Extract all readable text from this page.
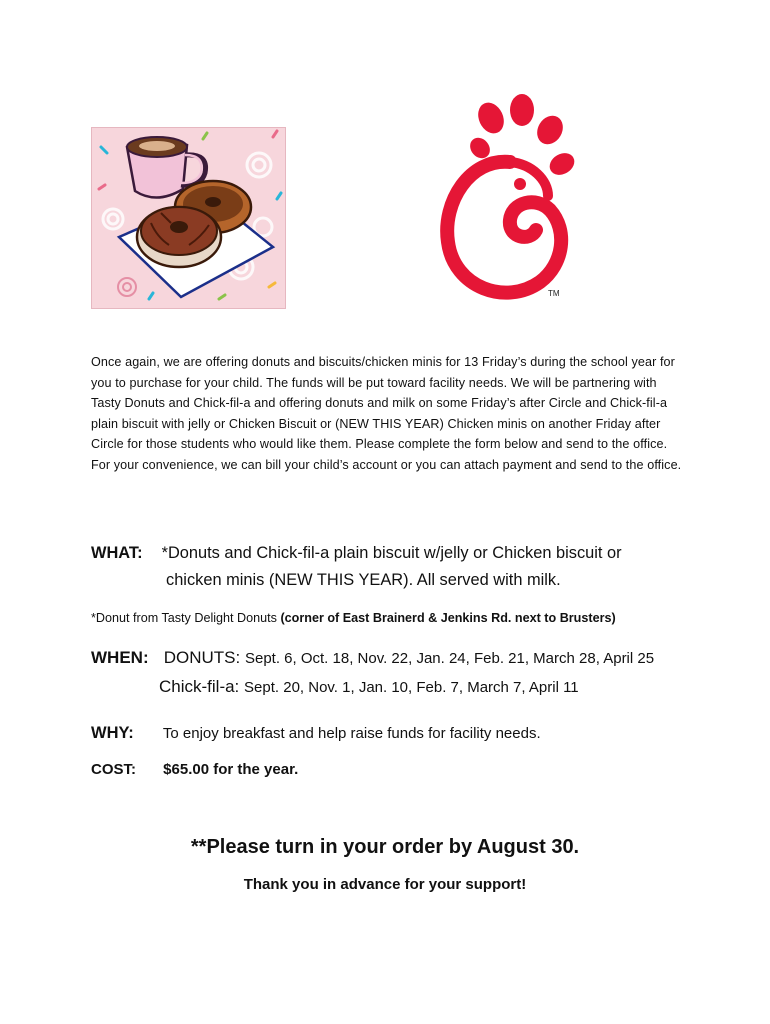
TM
Once again, we are offering donuts and biscuits/chicken minis for 13 Friday’s during the school year for you to purchase for your child. The funds will be put toward facility needs. We will be partnering with Tasty Donuts and Chick-fil-a and offering donuts and milk on some Friday’s after Circle and Chick-fil-a plain biscuit with jelly or Chicken Biscuit or (NEW THIS YEAR) Chicken minis on another Friday after Circle for those students who would like them. Please complete the form below and send to the office. For your convenience, we can bill your child’s account or you can attach payment and send to the office.
WHAT: *Donuts and Chick-fil-a plain biscuit w/jelly or Chicken biscuit or
chicken minis (NEW THIS YEAR). All served with milk.
*Donut from Tasty Delight Donuts (corner of East Brainerd & Jenkins Rd. next to Brusters)
WHEN: DONUTS: Sept. 6, Oct. 18, Nov. 22, Jan. 24, Feb. 21, March 28, April 25
Chick-fil-a: Sept. 20, Nov. 1, Jan. 10, Feb. 7, March 7, April 11
WHY: To enjoy breakfast and help raise funds for facility needs.
COST: $65.00 for the year.
**Please turn in your order by August 30.
Thank you in advance for your support!
